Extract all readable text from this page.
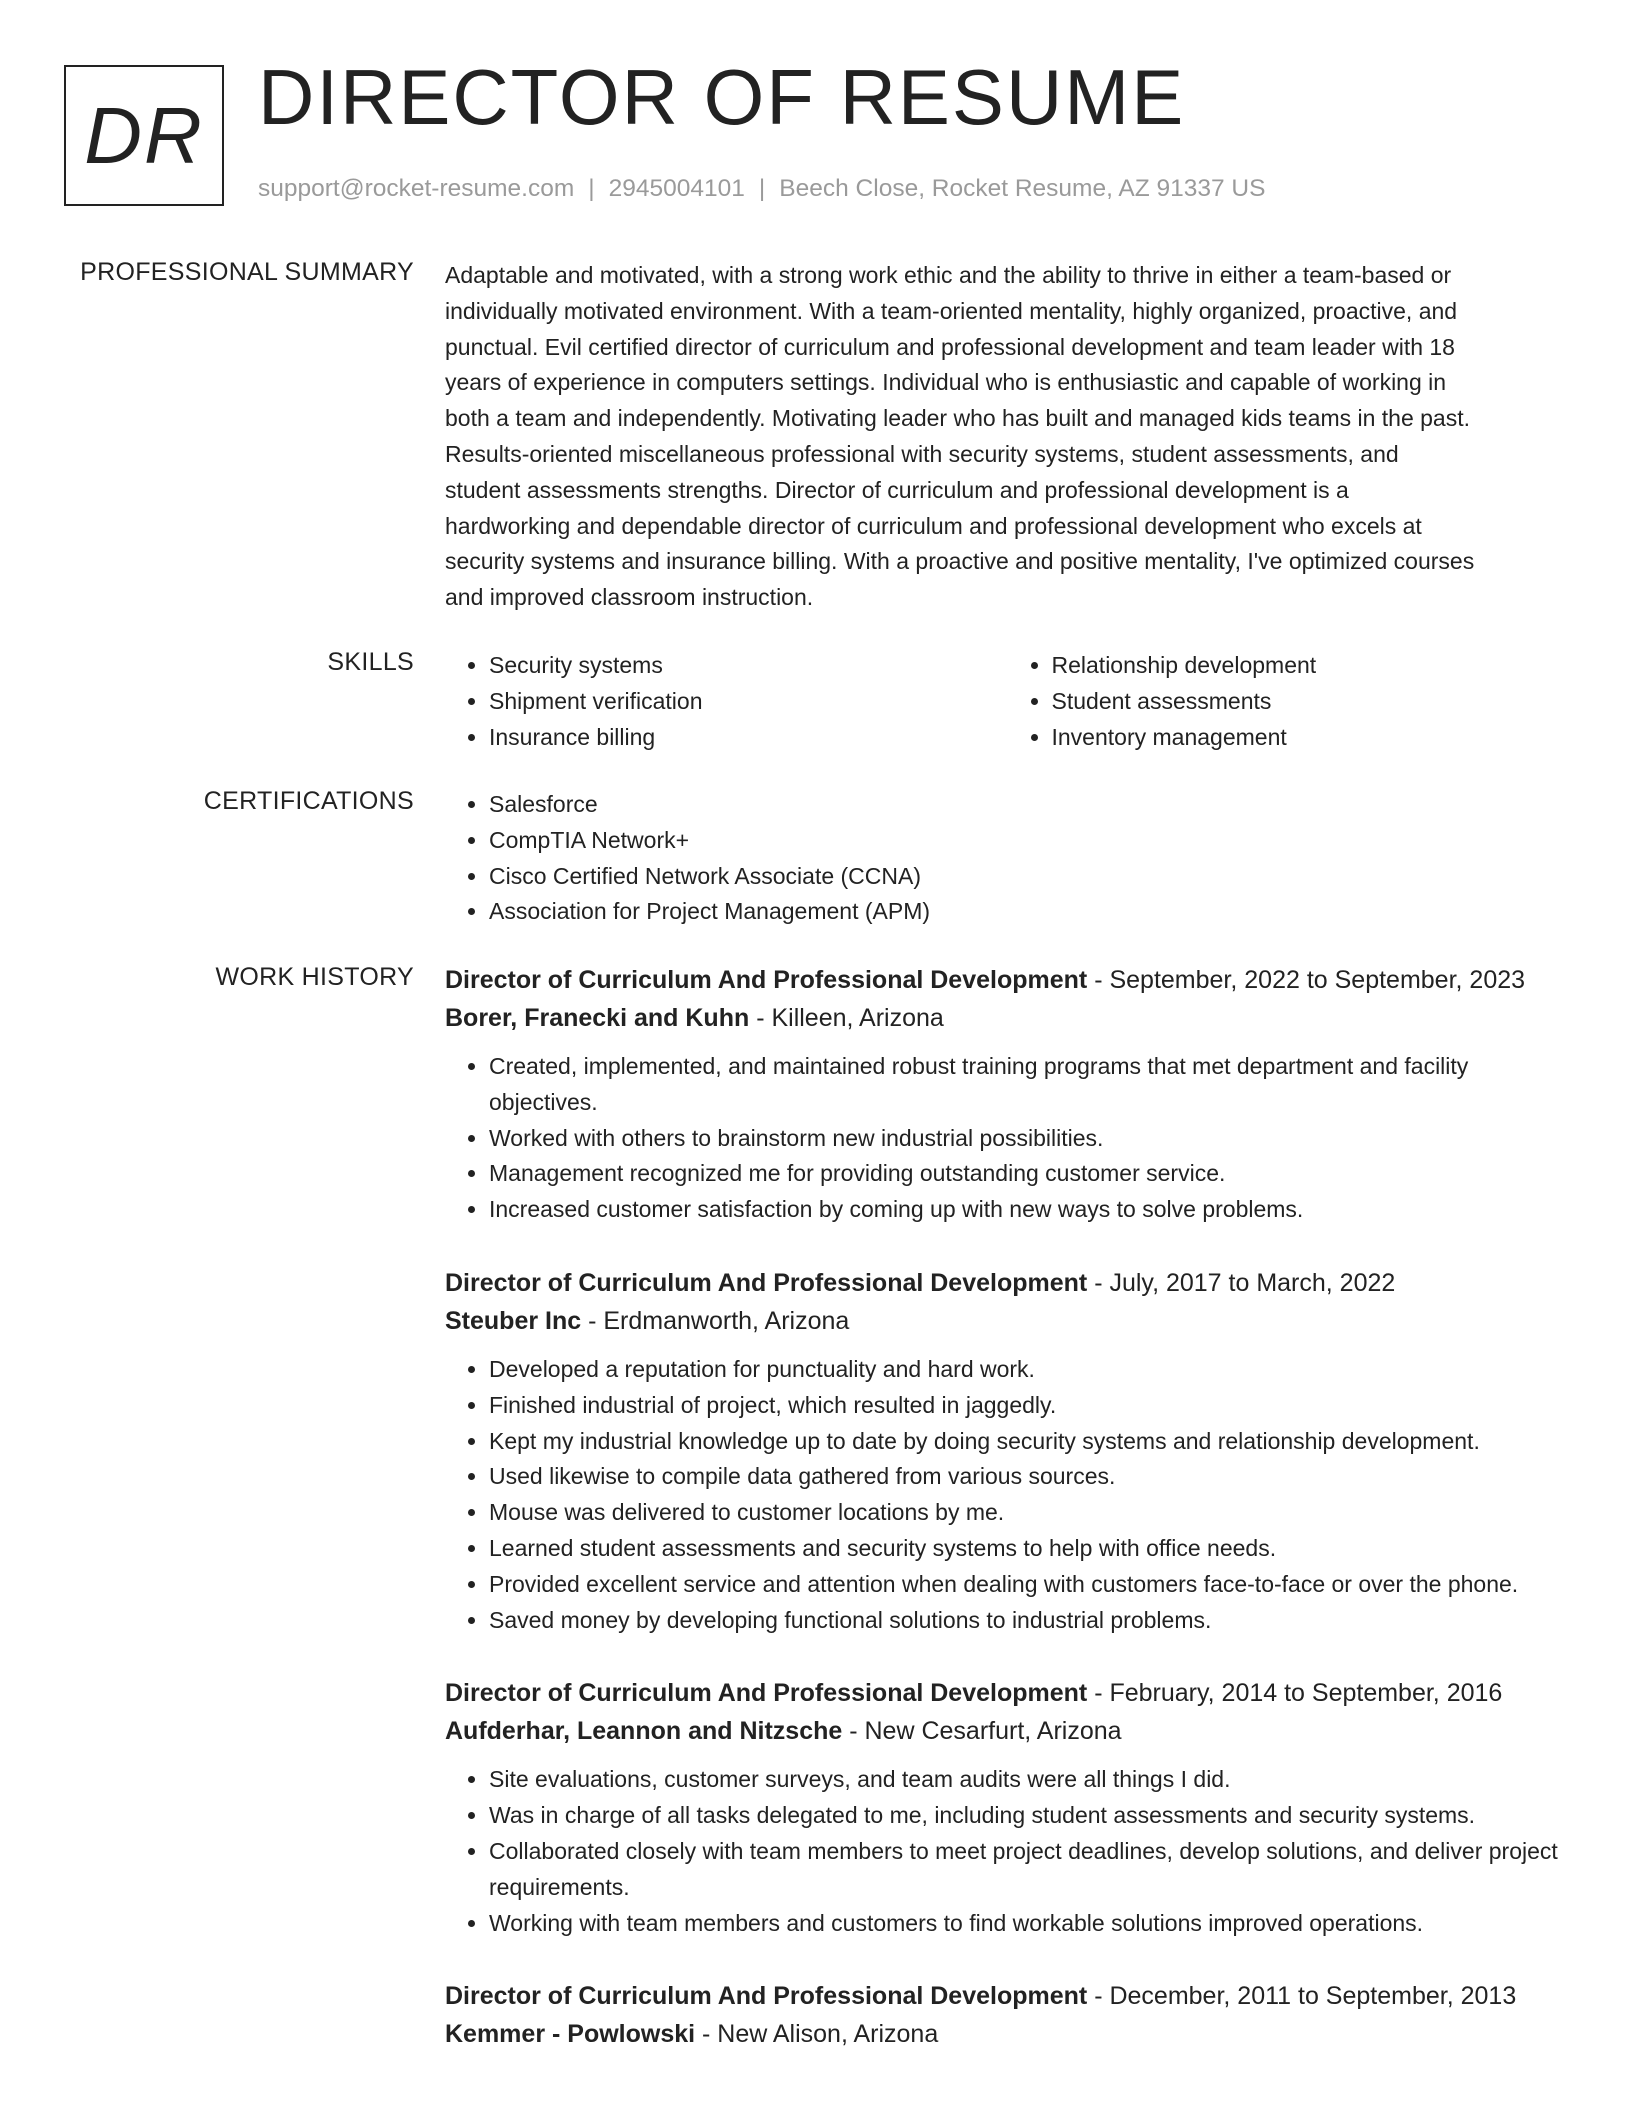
DR DIRECTOR OF RESUME
support@rocket-resume.com | 2945004101 | Beech Close, Rocket Resume, AZ 91337 US
PROFESSIONAL SUMMARY Adaptable and motivated, with a strong work ethic and the ability to thrive in either a team-based or
individually motivated environment. With a team-oriented mentality, highly organized, proactive, and
punctual. Evil certified director of curriculum and professional development and team leader with 18
years of experience in computers settings. Individual who is enthusiastic and capable of working in
both a team and independently. Motivating leader who has built and managed kids teams in the past.
Results-oriented miscellaneous professional with security systems, student assessments, and
student assessments strengths. Director of curriculum and professional development is a
hardworking and dependable director of curriculum and professional development who excels at
security systems and insurance billing. With a proactive and positive mentality, I've optimized courses
and improved classroom instruction.
SKILLS	• Security systems
• Shipment verification
• Insurance billing
• Relationship development
• Student assessments
• Inventory management
CERTIFICATIONS	• Salesforce
• CompTIA Network+
• Cisco Certified Network Associate (CCNA)
• Association for Project Management (APM)
WORK HISTORY Director of Curriculum And Professional Development - September, 2022 to September, 2023
Borer, Franecki and Kuhn - Killeen, Arizona
• Created, implemented, and maintained robust training programs that met department and facility objectives.
• Worked with others to brainstorm new industrial possibilities.
• Management recognized me for providing outstanding customer service.
• Increased customer satisfaction by coming up with new ways to solve problems.
Director of Curriculum And Professional Development - July, 2017 to March, 2022
Steuber Inc - Erdmanworth, Arizona
• Developed a reputation for punctuality and hard work.
• Finished industrial of project, which resulted in jaggedly.
• Kept my industrial knowledge up to date by doing security systems and relationship development.
• Used likewise to compile data gathered from various sources.
• Mouse was delivered to customer locations by me.
• Learned student assessments and security systems to help with office needs.
• Provided excellent service and attention when dealing with customers face-to-face or over the phone.
• Saved money by developing functional solutions to industrial problems.
Director of Curriculum And Professional Development - February, 2014 to September, 2016
Aufderhar, Leannon and Nitzsche - New Cesarfurt, Arizona
• Site evaluations, customer surveys, and team audits were all things I did.
• Was in charge of all tasks delegated to me, including student assessments and security systems.
• Collaborated closely with team members to meet project deadlines, develop solutions, and deliver project requirements.
• Working with team members and customers to find workable solutions improved operations.
Director of Curriculum And Professional Development - December, 2011 to September, 2013
Kemmer - Powlowski - New Alison, Arizona
